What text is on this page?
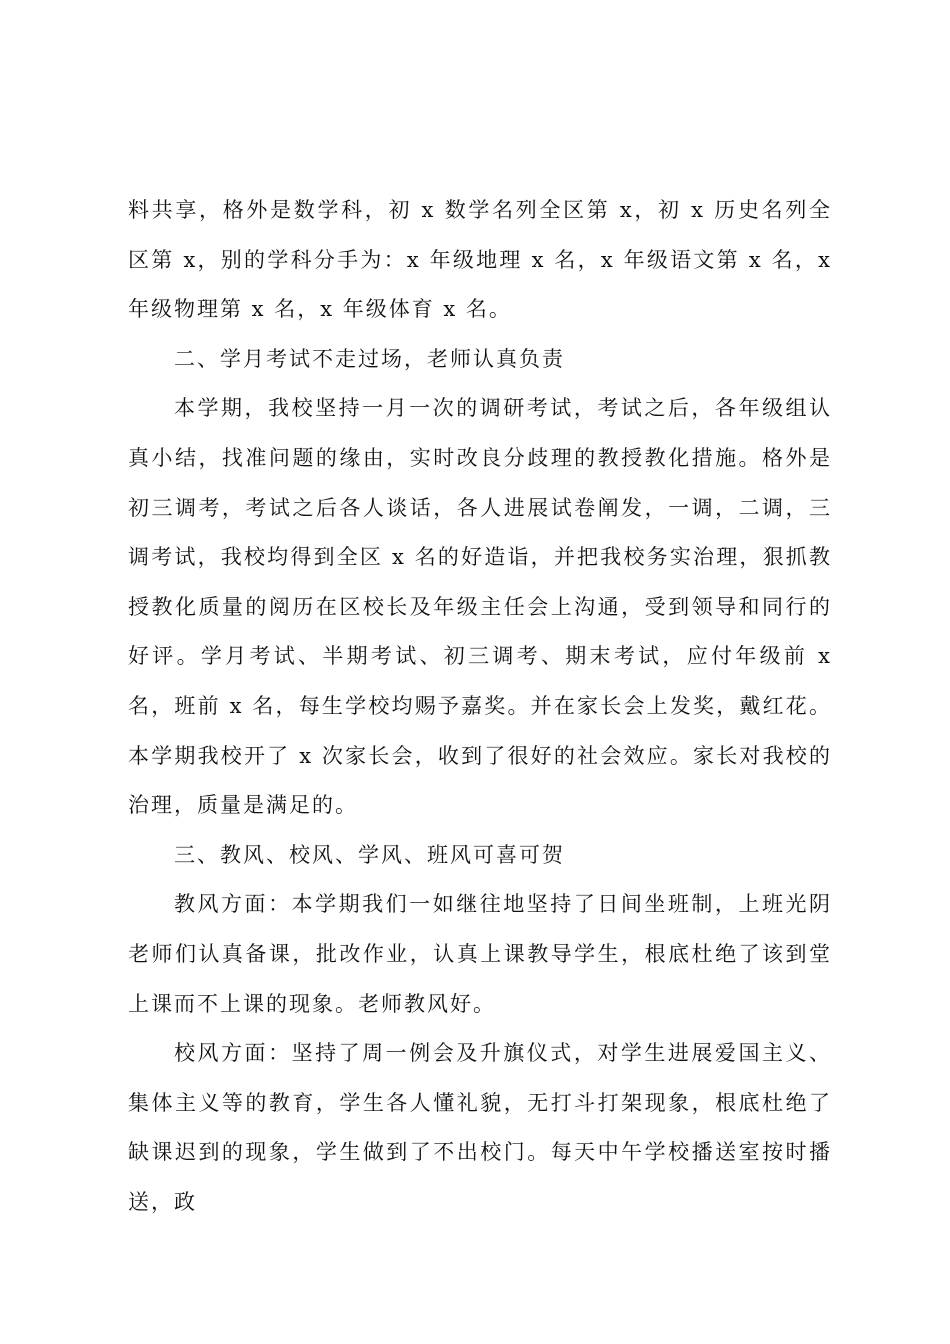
料共享，格外是数学科，初 x 数学名列全区第 x，初 x 历史名列全区第 x，别的学科分手为：x 年级地理 x 名，x 年级语文第 x 名，x 年级物理第 x 名，x 年级体育 x 名。

二、学月考试不走过场，老师认真负责

本学期，我校坚持一月一次的调研考试，考试之后，各年级组认真小结，找准问题的缘由，实时改良分歧理的教授教化措施。格外是初三调考，考试之后各人谈话，各人进展试卷阐发，一调，二调，三调考试，我校均得到全区 x 名的好造诣，并把我校务实治理，狠抓教授教化质量的阅历在区校长及年级主任会上沟通，受到领导和同行的好评。学月考试、半期考试、初三调考、期末考试，应付年级前 x 名，班前 x 名，每生学校均赐予嘉奖。并在家长会上发奖，戴红花。本学期我校开了 x 次家长会，收到了很好的社会效应。家长对我校的治理，质量是满足的。

三、教风、校风、学风、班风可喜可贺

教风方面：本学期我们一如继往地坚持了日间坐班制，上班光阴老师们认真备课，批改作业，认真上课教导学生，根底杜绝了该到堂上课而不上课的现象。老师教风好。

校风方面：坚持了周一例会及升旗仪式，对学生进展爱国主义、集体主义等的教育，学生各人懂礼貌，无打斗打架现象，根底杜绝了缺课迟到的现象，学生做到了不出校门。每天中午学校播送室按时播送，政
